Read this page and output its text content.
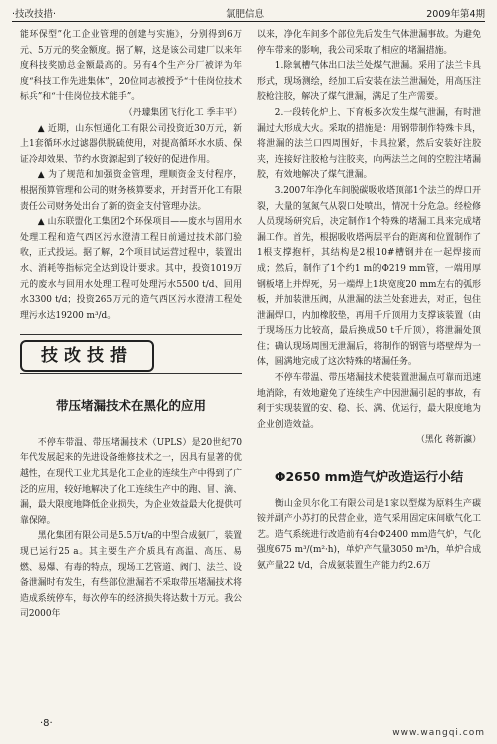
·技改技措·	氯肥信息	2009年第4期

能环保型”化工企业管理的创建与实施》，分别得到6万元、5万元的奖金额度。据了解，这是该公司建厂以来年度科技奖励总金额最高的。另有4个生产分厂被评为年度“科技工作先进集体”，20位同志被授予“十佳岗位技术标兵”和“十佳岗位技术能手”。

（丹璩集团飞行化工 季丰平）

▲ 近期，山东恒通化工有限公司投资近30万元，新上1套循环水过滤器供脱硫使用，对提高循环水水质、保证冷却效果、节约水资源起到了较好的促进作用。

▲ 为了规范和加强资金管理，理顺资金支付程序，根据预算管理和公司的财务核算要求，开封晋开化工有限责任公司财务处出台了新的资金支付管理办法。

▲ 山东联盟化工集团2个环保项目——废水与固用水处理工程和造气西区污水澄清工程日前通过技术部门验收，正式投运。据了解，2个项目试运营过程中，装置出水、消耗等指标完全达到设计要求。其中，投资1019万元的废水与回用水处理工程可处理污水5500 t/d、回用水3300 t/d；投资265万元的造气西区污水澄清工程处理污水达19200 m³/d。

技改技措
带压堵漏技术在黑化的应用

不停车带温、带压堵漏技术（UPLS）是20世纪70年代发展起来的先进设备维修技术之一，因具有显著的优越性，在现代工业尤其是化工企业的连续生产中得到了广泛的应用，较好地解决了化工连续生产中的跑、冒、滴、漏，最大限度地降低企业损失，为企业效益最大化提供可靠保障。

黑化集团有限公司是5.5万t/a的中型合成氨厂，装置现已运行25 a。其主要生产介质具有高温、高压、易燃、易爆、有毒的特点，现场工艺管道、阀门、法兰、设备泄漏时有发生，有些部位泄漏若不采取带压堵漏技术将造成系统停车，每次停车的经济损失将达数十万元。我公司2000年

以来，净化车间多个部位先后发生气体泄漏事故。为避免停车带来的影响，我公司采取了相应的堵漏措施。

1.除氧槽气体出口法兰处煤气泄漏。采用了法兰卡具形式，现场测绘，经加工后安装在法兰泄漏处，用高压注胶枪注胶，解决了煤气泄漏，满足了生产需要。

2.一段转化炉上、下育板多次发生煤气泄漏，有时泄漏过大形成大火。采取的措施是：用钢带制作特殊卡具，将泄漏的法兰口四周围好，卡具拉紧，然后安装好注胶夹，连接好注胶枪与注胶夹，向两法兰之间的空腔注堵漏胶，有效地解决了煤气泄漏。

3.2007年净化车间脱碳吸收塔顶部1个法兰的焊口开裂，大量的氢氮气从裂口处喷出，情况十分危急。经检修人员现场研究后，决定制作1个特殊的堵漏工具来完成堵漏工作。首先，根据吸收塔两层平台的距离和位置制作了1根支撑抱杆，其结构是2根10#槽钢并在一起焊接而成；然后，制作了1个约1 m的Φ219 mm管，一端用厚钢板堵上并焊死，另一端焊上1块宽度20 mm左右的弧形板，并加装泄压阀，从泄漏的法兰处套进去，对正，包住泄漏焊口，内加橡胶垫，再用千斤顶用力支撑该装置（由于现场压力比较高，最后换成50 t千斤顶），将泄漏处顶住；确认现场周围无泄漏后，将制作的钢管与塔壁焊为一体，圆满地完成了这次特殊的堵漏任务。

不停车带温、带压堵漏技术使装置泄漏点可靠而迅速地消除，有效地避免了连续生产中因泄漏引起的事故，有利于实现装置的安、稳、长、满、优运行，最大限度地为企业创造效益。

（黑化 蒋新瀛）

Φ2650 mm造气炉改造运行小结

衡山金贝尔化工有限公司是1家以型煤为原料生产碳铵并副产小苏打的民营企业，造气采用固定床间歇气化工艺。造气系统进行改造前有4台Φ2400 mm造气炉，气化强度675 m³/(m²·h)，单炉产气量3050 m³/h，单炉合成氨产量22 t/d，合成氨装置生产能力约2.6万

·8·
www.wangqi.com
